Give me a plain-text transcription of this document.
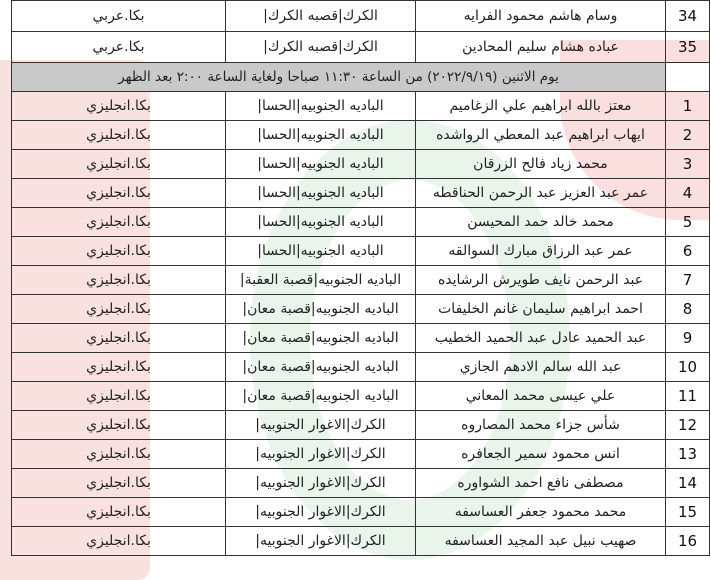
34	وسام هاشم محمود الفرايه	الكرك|قصبه الكرك|	بكا.عربي
35	عباده هشام سليم المحادين	الكرك|قصبه الكرك|	بكا.عربي
	يوم الاثنين (٢٠٢٢/٩/١٩) من الساعة ١١:٣٠ صباحا ولغاية الساعة ٢:٠٠ بعد الظهر		
1	معتز بالله ابراهيم علي الزغاميم	الباديه الجنوبيه|الحسا|	بكا.انجليزي
2	ايهاب ابراهيم عبد المعطي الرواشده	الباديه الجنوبيه|الحسا|	بكا.انجليزي
3	محمد زياد فالح الزرقان	الباديه الجنوبيه|الحسا|	بكا.انجليزي
4	عمر عبد العزيز عبد الرحمن الحناقطه	الباديه الجنوبيه|الحسا|	بكا.انجليزي
5	محمد خالد حمد المحيسن	الباديه الجنوبيه|الحسا|	بكا.انجليزي
6	عمر عبد الرزاق مبارك السوالقه	الباديه الجنوبيه|الحسا|	بكا.انجليزي
7	عبد الرحمن نايف طويرش الرشايده	الباديه الجنوبيه|قصبة العقبة|	بكا.انجليزي
8	احمد ابراهيم سليمان غانم الخليفات	الباديه الجنوبيه|قصبة معان|	بكا.انجليزي
9	عبد الحميد عادل عبد الحميد الخطيب	الباديه الجنوبيه|قصبة معان|	بكا.انجليزي
10	عبد الله سالم الادهم الجازي	الباديه الجنوبيه|قصبة معان|	بكا.انجليزي
11	علي عيسى محمد المعاني	الباديه الجنوبيه|قصبة معان|	بكا.انجليزي
12	شأس جزاء محمد المصاروه	الكرك|الاغوار الجنوبيه|	بكا.انجليزي
13	انس محمود سمير الجعافره	الكرك|الاغوار الجنوبيه|	بكا.انجليزي
14	مصطفى نافع احمد الشواوره	الكرك|الاغوار الجنوبيه|	بكا.انجليزي
15	محمد محمود جعفر العساسفه	الكرك|الاغوار الجنوبيه|	بكا.انجليزي
16	صهيب نبيل عبد المجيد العساسفه	الكرك|الاغوار الجنوبيه|	بكا.انجليزي
